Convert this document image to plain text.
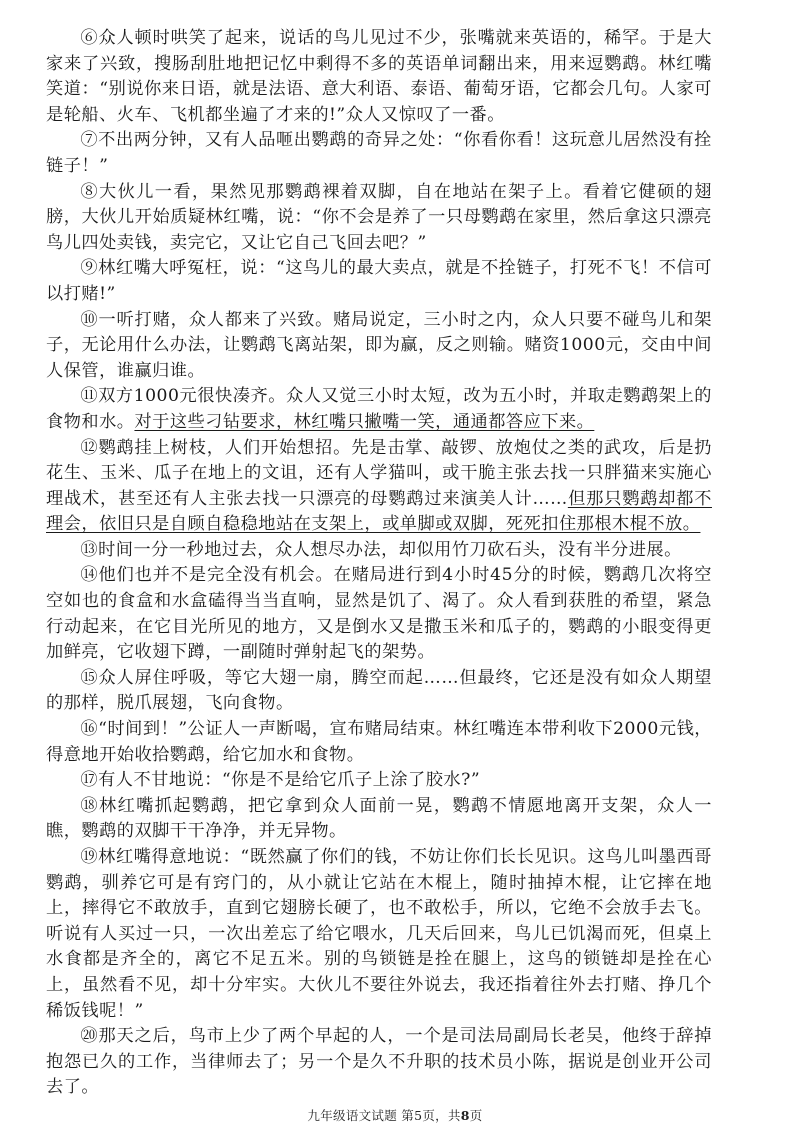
⑥众人顿时哄笑了起来，说话的鸟儿见过不少，张嘴就来英语的，稀罕。于是大家来了兴致，搜肠刮肚地把记忆中剩得不多的英语单词翻出来，用来逗鹦鹉。林红嘴笑道：“别说你来日语，就是法语、意大利语、泰语、葡萄牙语，它都会几句。人家可是轮船、火车、飞机都坐遍了才来的!”众人又惊叹了一番。

⑦不出两分钟，又有人品咂出鹦鹉的奇异之处：“你看你看！这玩意儿居然没有拴链子！”

⑧大伙儿一看，果然见那鹦鹉裸着双脚，自在地站在架子上。看着它健硕的翅膀，大伙儿开始质疑林红嘴，说：“你不会是养了一只母鹦鹉在家里，然后拿这只漂亮鸟儿四处卖钱，卖完它，又让它自己飞回去吧？”

⑨林红嘴大呼冤枉，说：“这鸟儿的最大卖点，就是不拴链子，打死不飞！不信可以打赌!”

⑩一听打赌，众人都来了兴致。赌局说定，三小时之内，众人只要不碰鸟儿和架子，无论用什么办法，让鹦鹉飞离站架，即为赢，反之则输。赌资1000元，交由中间人保管，谁赢归谁。

⑪双方1000元很快凑齐。众人又觉三小时太短，改为五小时，并取走鹦鹉架上的食物和水。对于这些刁钻要求，林红嘴只撇嘴一笑，通通都答应下来。

⑫鹦鹉挂上树枝，人们开始想招。先是击掌、敲锣、放炮仗之类的武攻，后是扔花生、玉米、瓜子在地上的文诅，还有人学猫叫，或干脆主张去找一只胖猫来实施心理战术，甚至还有人主张去找一只漂亮的母鹦鹉过来演美人计……但那只鹦鹉却都不理会，依旧只是自顾自稳稳地站在支架上，或单脚或双脚，死死扣住那根木棍不放。

⑬时间一分一秒地过去，众人想尽办法，却似用竹刀砍石头，没有半分进展。

⑭他们也并不是完全没有机会。在赌局进行到4小时45分的时候，鹦鹉几次将空空如也的食盒和水盒磕得当当直响，显然是饥了、渴了。众人看到获胜的希望，紧急行动起来，在它目光所见的地方，又是倒水又是撒玉米和瓜子的，鹦鹉的小眼变得更加鲜亮，它收翅下蹲，一副随时弹射起飞的架势。

⑮众人屏住呼吸，等它大翅一扇，腾空而起……但最终，它还是没有如众人期望的那样，脱爪展翅，飞向食物。

⑯“时间到！”公证人一声断喝，宣布赌局结束。林红嘴连本带利收下2000元钱，得意地开始收拾鹦鹉，给它加水和食物。

⑰有人不甘地说：“你是不是给它爪子上涂了胶水?”

⑱林红嘴抓起鹦鹉，把它拿到众人面前一晃，鹦鹉不情愿地离开支架，众人一瞧，鹦鹉的双脚干干净净，并无异物。

⑲林红嘴得意地说：“既然赢了你们的钱，不妨让你们长长见识。这鸟儿叫墨西哥鹦鹉，驯养它可是有窍门的，从小就让它站在木棍上，随时抽掉木棍，让它摔在地上，摔得它不敢放手，直到它翅膀长硬了，也不敢松手，所以，它绝不会放手去飞。听说有人买过一只，一次出差忘了给它喂水，几天后回来，鸟儿已饥渴而死，但桌上水食都是齐全的，离它不足五米。别的鸟锁链是拴在腿上，这鸟的锁链却是拴在心上，虽然看不见，却十分牢实。大伙儿不要往外说去，我还指着往外去打赌、挣几个稀饭钱呢！”

⑳那天之后，鸟市上少了两个早起的人，一个是司法局副局长老吴，他终于辞掉抱怨已久的工作，当律师去了；另一个是久不升职的技术员小陈，据说是创业开公司去了。

九年级语文试题 第5页，共8页
